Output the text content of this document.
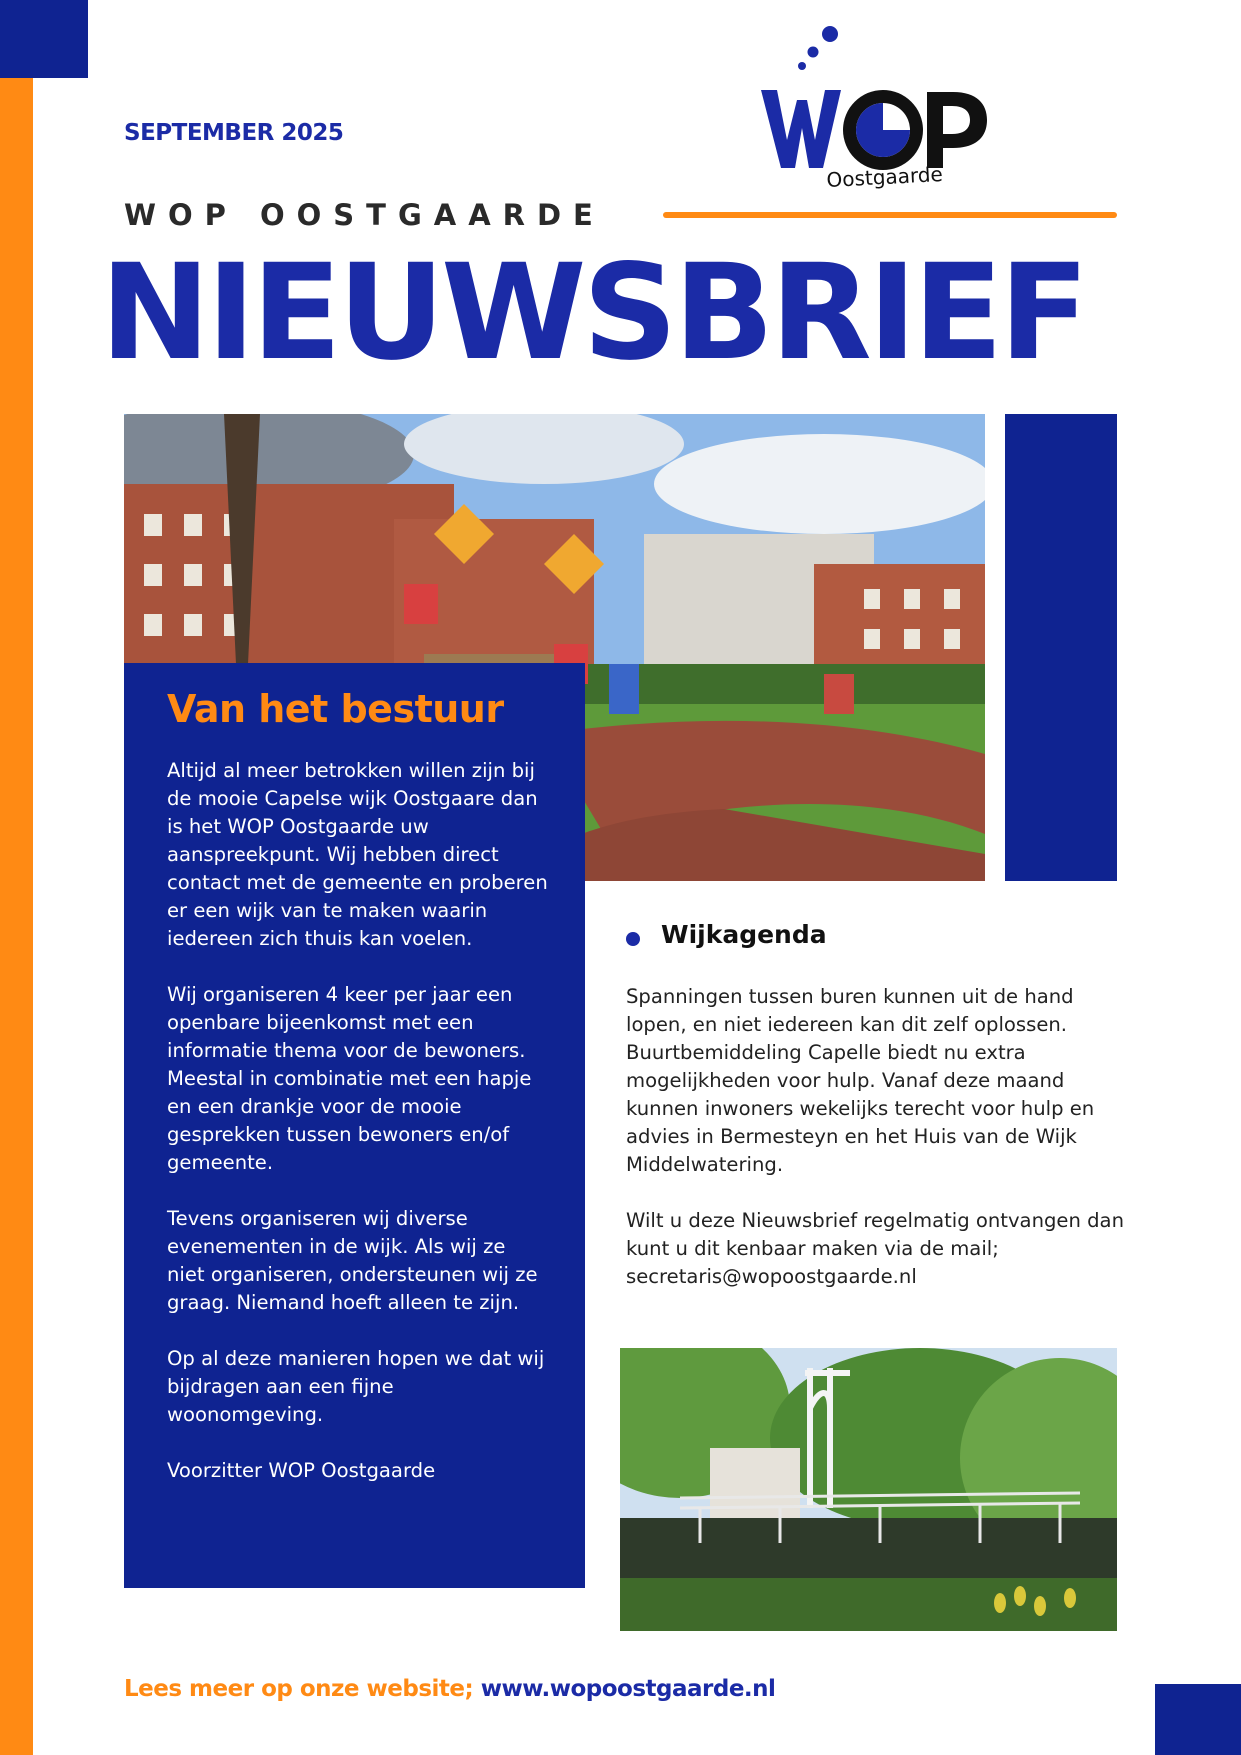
SEPTEMBER 2025
WOP OOSTGAARDE
Oostgaarde
NIEUWSBRIEF
Van het bestuur

Altijd al meer betrokken willen zijn bij de mooie Capelse wijk Oostgaare dan is het WOP Oostgaarde uw aanspreekpunt. Wij hebben direct contact met de gemeente en proberen er een wijk van te maken waarin iedereen zich thuis kan voelen.

Wij organiseren 4 keer per jaar een openbare bijeenkomst met een informatie thema voor de bewoners. Meestal in combinatie met een hapje en een drankje voor de mooie gesprekken tussen bewoners en/of gemeente.

Tevens organiseren wij diverse evenementen in de wijk. Als wij ze niet organiseren, ondersteunen wij ze graag. Niemand hoeft alleen te zijn.

Op al deze manieren hopen we dat wij bijdragen aan een fijne woonomgeving.

Voorzitter WOP Oostgaarde

Wijkagenda

Spanningen tussen buren kunnen uit de hand lopen, en niet iedereen kan dit zelf oplossen. Buurtbemiddeling Capelle biedt nu extra mogelijkheden voor hulp. Vanaf deze maand kunnen inwoners wekelijks terecht voor hulp en advies in Bermesteyn en het Huis van de Wijk Middelwatering.

Wilt u deze Nieuwsbrief regelmatig ontvangen dan kunt u dit kenbaar maken via de mail; secretaris@wopoostgaarde.nl

Lees meer op onze website; www.wopoostgaarde.nl
